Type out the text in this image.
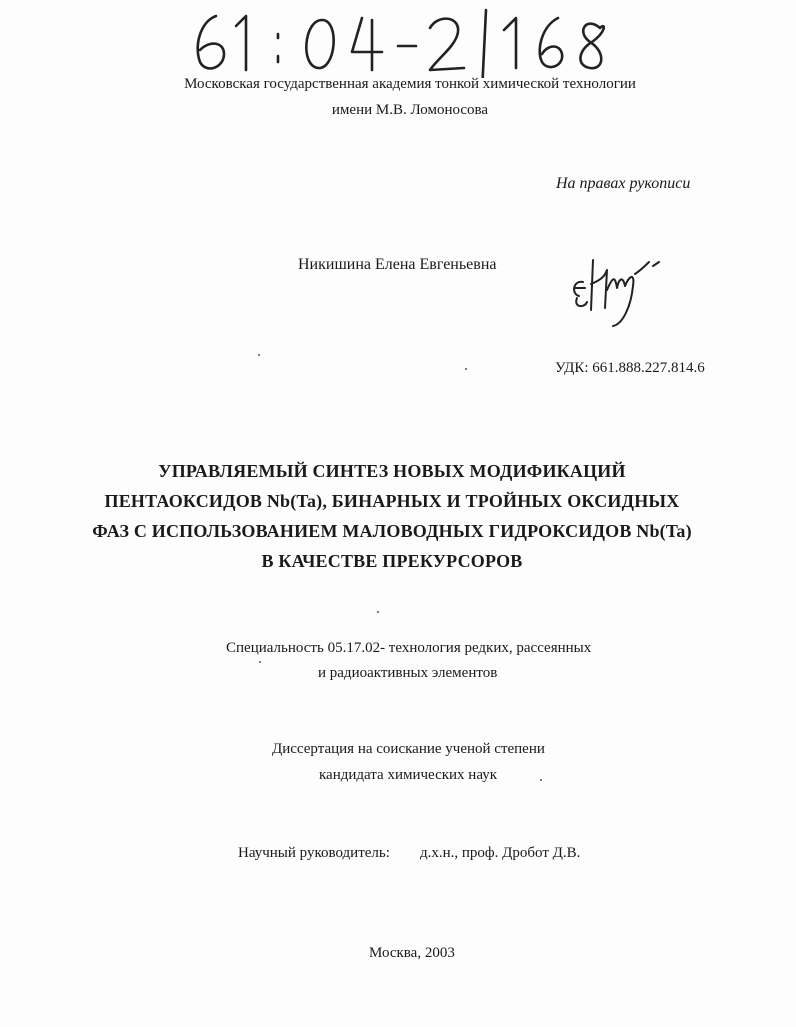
Московская государственная академия тонкой химической технологии
имени М.В. Ломоносова
На правах рукописи
Никишина Елена Евгеньевна
УДК: 661.888.227.814.6
УПРАВЛЯЕМЫЙ СИНТЕЗ НОВЫХ МОДИФИКАЦИЙ
ПЕНТАОКСИДОВ Nb(Ta), БИНАРНЫХ И ТРОЙНЫХ ОКСИДНЫХ
ФАЗ С ИСПОЛЬЗОВАНИЕМ МАЛОВОДНЫХ ГИДРОКСИДОВ Nb(Ta)
В КАЧЕСТВЕ ПРЕКУРСОРОВ
Специальность 05.17.02- технология редких, рассеянных
и радиоактивных элементов
Диссертация на соискание ученой степени
кандидата химических наук
Научный руководитель: д.х.н., проф. Дробот Д.В.
Москва, 2003
